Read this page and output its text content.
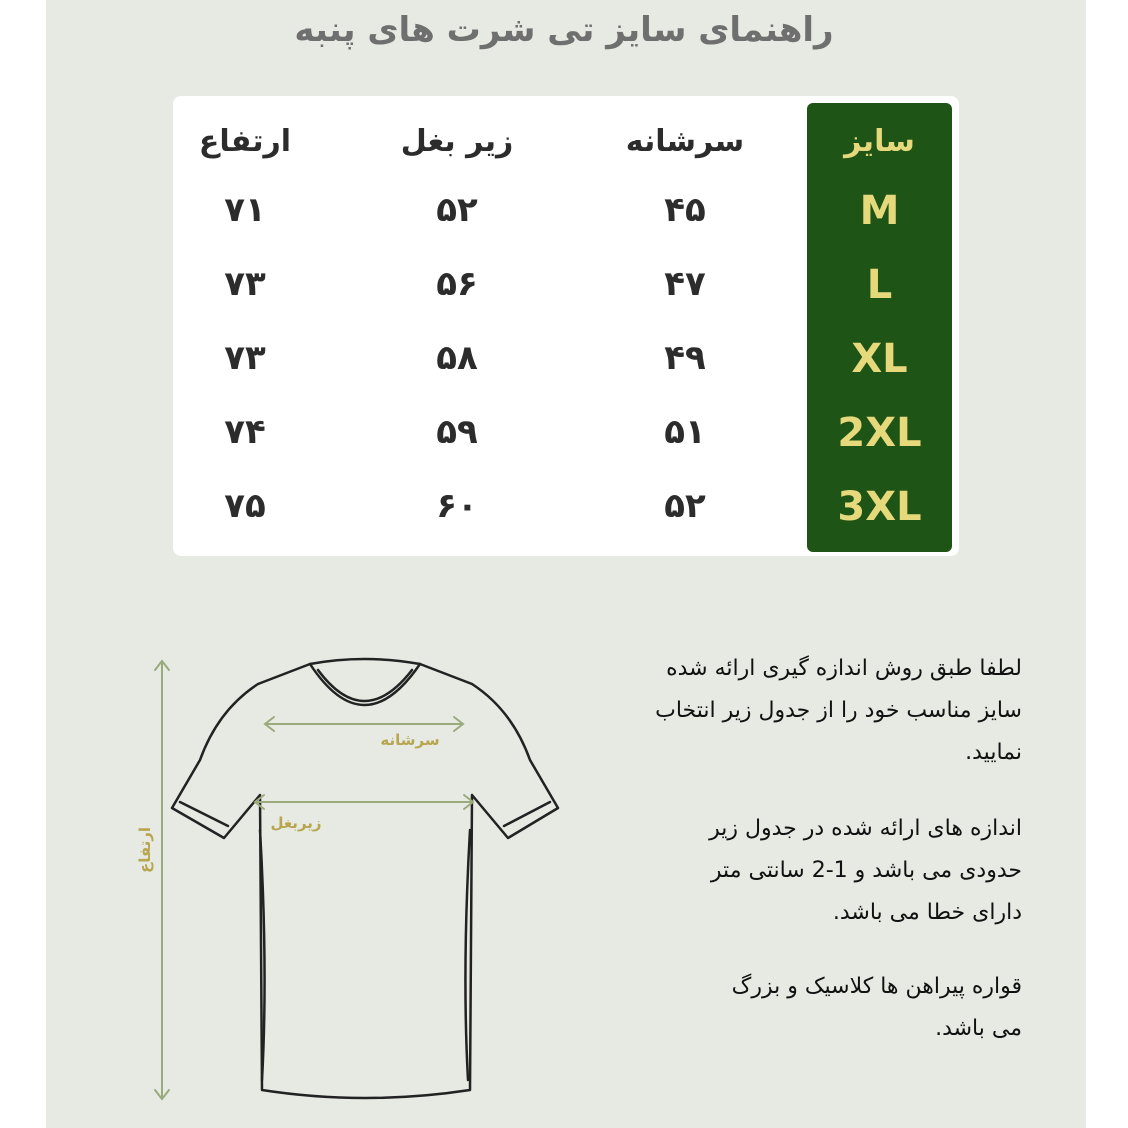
راهنمای سایز تی شرت های پنبه
سایز
سرشانه
زیر بغل
ارتفاع
M
۴۵
۵۲
۷۱
L
۴۷
۵۶
۷۳
XL
۴۹
۵۸
۷۳
2XL
۵۱
۵۹
۷۴
3XL
۵۲
۶۰
۷۵
سرشانه
زیربغل
ارتفاع
لطفا طبق روش اندازه گیری ارائه شده
سایز مناسب خود را از جدول زیر انتخاب
نمایید.
اندازه های ارائه شده در جدول زیر
حدودی می باشد و 1-2 سانتی متر
دارای خطا می باشد.
قواره پیراهن ها کلاسیک و بزرگ
می باشد.
